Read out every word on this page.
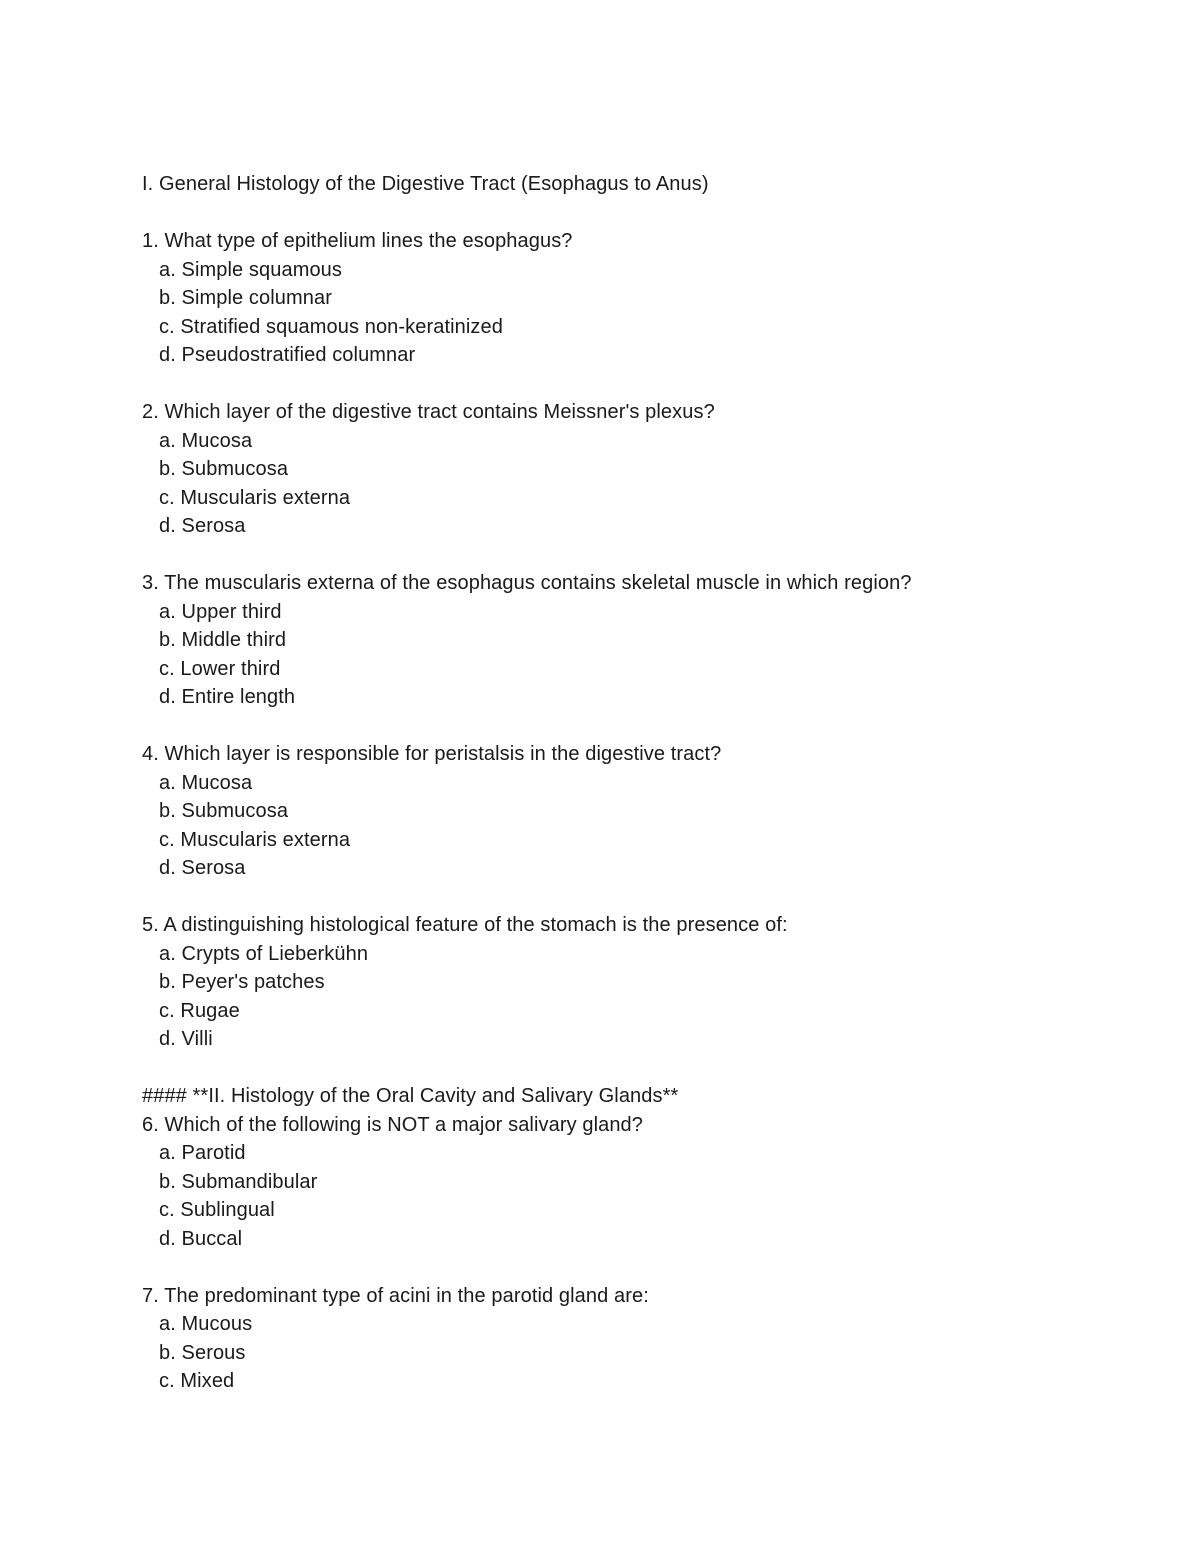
I. General Histology of the Digestive Tract (Esophagus to Anus)
1. What type of epithelium lines the esophagus?
a. Simple squamous
b. Simple columnar
c. Stratified squamous non-keratinized
d. Pseudostratified columnar
2. Which layer of the digestive tract contains Meissner's plexus?
a. Mucosa
b. Submucosa
c. Muscularis externa
d. Serosa
3. The muscularis externa of the esophagus contains skeletal muscle in which region?
a. Upper third
b. Middle third
c. Lower third
d. Entire length
4. Which layer is responsible for peristalsis in the digestive tract?
a. Mucosa
b. Submucosa
c. Muscularis externa
d. Serosa
5. A distinguishing histological feature of the stomach is the presence of:
a. Crypts of Lieberkühn
b. Peyer's patches
c. Rugae
d. Villi
#### **II. Histology of the Oral Cavity and Salivary Glands**
6. Which of the following is NOT a major salivary gland?
a. Parotid
b. Submandibular
c. Sublingual
d. Buccal
7. The predominant type of acini in the parotid gland are:
a. Mucous
b. Serous
c. Mixed
